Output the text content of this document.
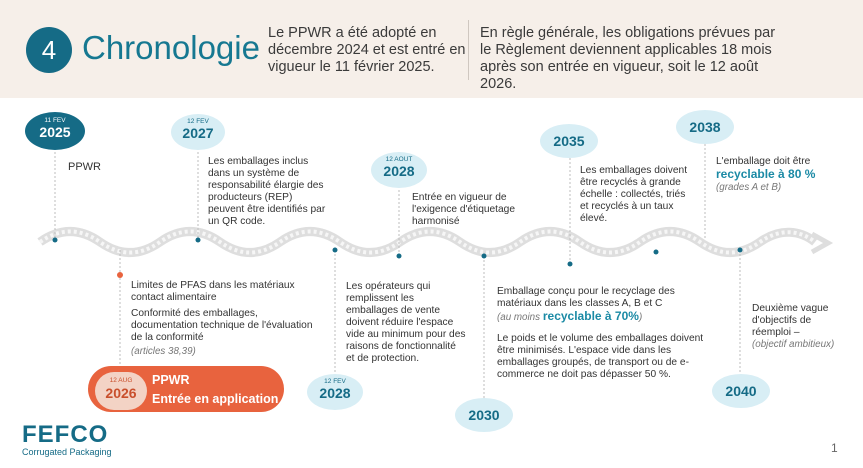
4 Chronologie Le PPWR a été adopté en décembre 2024 et est entré en vigueur le 11 février 2025.
En règle générale, les obligations prévues par le Règlement deviennent applicables 18 mois après son entrée en vigueur, soit le 12 août 2026.
11 FEV
2025
PPWR
12 FEV
2027
Les emballages inclus dans un système de responsabilité élargie des producteurs (REP) peuvent être identifiés par un QR code.
12 AOUT
2028
Entrée en vigueur de l'exigence d'étiquetage harmonisé
2035
Les emballages doivent être recyclés à grande échelle : collectés, triés et recyclés à un taux élevé.
2038
L'emballage doit être
recyclable à 80 %
(grades A et B)
Limites de PFAS dans les matériaux contact alimentaire
Conformité des emballages, documentation technique de l'évaluation de la conformité
(articles 38,39)
12 AUG
2026
PPWR
Entrée en application
Les opérateurs qui remplissent les emballages de vente doivent réduire l'espace vide au minimum pour des raisons de fonctionnalité et de protection.
12 FEV
2028
Emballage conçu pour le recyclage des matériaux dans les classes A, B et C
(au moins recyclable à 70%)
Le poids et le volume des emballages doivent être minimisés. L'espace vide dans les emballages groupés, de transport ou de e-commerce ne doit pas dépasser 50 %.
2030
Deuxième vague d'objectifs de réemploi –
(objectif ambitieux)
2040
FEFCO
Corrugated Packaging	1
